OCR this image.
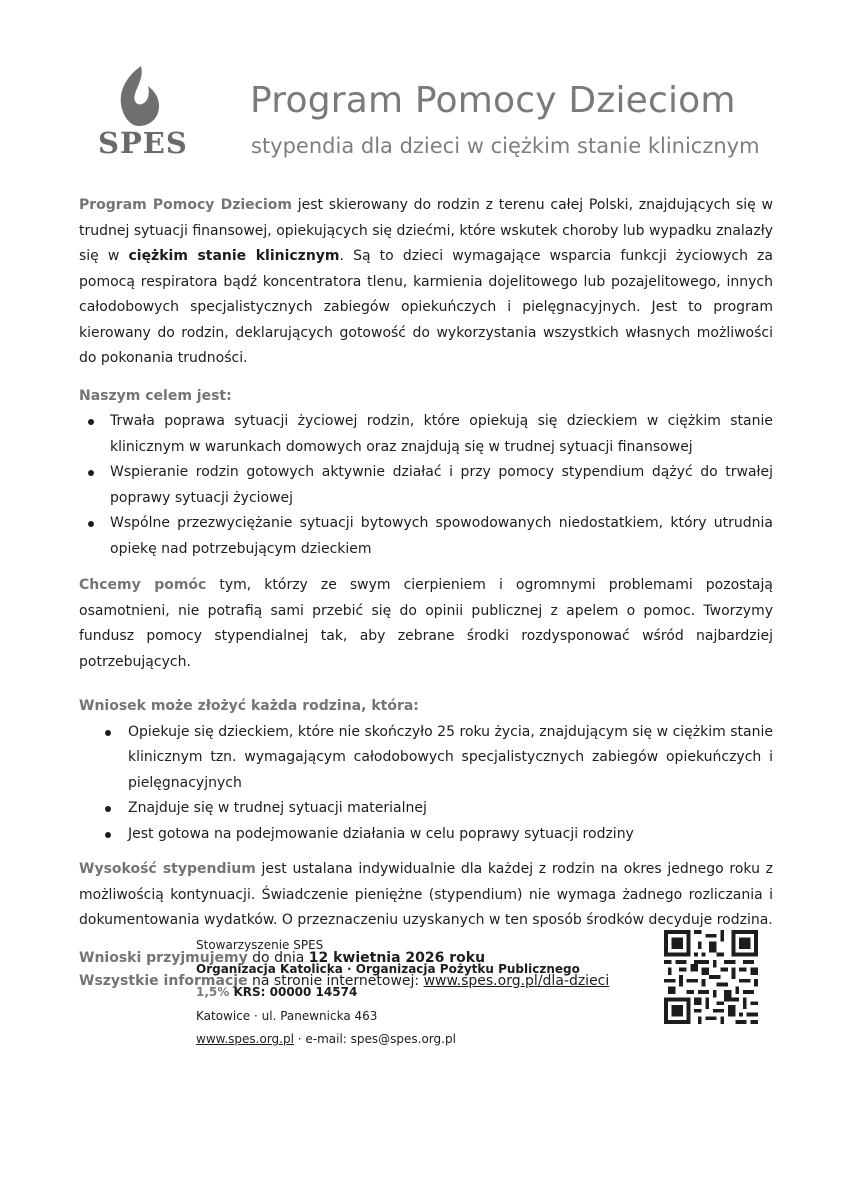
SPES
Program Pomocy Dzieciom
stypendia dla dzieci w ciężkim stanie klinicznym

Program Pomocy Dzieciom jest skierowany do rodzin z terenu całej Polski, znajdujących się w trudnej sytuacji finansowej, opiekujących się dziećmi, które wskutek choroby lub wypadku znalazły się w ciężkim stanie klinicznym. Są to dzieci wymagające wsparcia funkcji życiowych za pomocą respiratora bądź koncentratora tlenu, karmienia dojelitowego lub pozajelitowego, innych całodobowych specjalistycznych zabiegów opiekuńczych i pielęgnacyjnych. Jest to program kierowany do rodzin, deklarujących gotowość do wykorzystania wszystkich własnych możliwości do pokonania trudności.

Naszym celem jest:
Trwała poprawa sytuacji życiowej rodzin, które opiekują się dzieckiem w ciężkim stanie klinicznym w warunkach domowych oraz znajdują się w trudnej sytuacji finansowej
Wspieranie rodzin gotowych aktywnie działać i przy pomocy stypendium dążyć do trwałej poprawy sytuacji życiowej
Wspólne przezwyciężanie sytuacji bytowych spowodowanych niedostatkiem, który utrudnia opiekę nad potrzebującym dzieckiem

Chcemy pomóc tym, którzy ze swym cierpieniem i ogromnymi problemami pozostają osamotnieni, nie potrafią sami przebić się do opinii publicznej z apelem o pomoc. Tworzymy fundusz pomocy stypendialnej tak, aby zebrane środki rozdysponować wśród najbardziej potrzebujących.

Wniosek może złożyć każda rodzina, która:
Opiekuje się dzieckiem, które nie skończyło 25 roku życia, znajdującym się w ciężkim stanie klinicznym tzn. wymagającym całodobowych specjalistycznych zabiegów opiekuńczych i pielęgnacyjnych
Znajduje się w trudnej sytuacji materialnej
Jest gotowa na podejmowanie działania w celu poprawy sytuacji rodziny

Wysokość stypendium jest ustalana indywidualnie dla każdej z rodzin na okres jednego roku z możliwością kontynuacji. Świadczenie pieniężne (stypendium) nie wymaga żadnego rozliczania i dokumentowania wydatków. O przeznaczeniu uzyskanych w ten sposób środków decyduje rodzina.

Wnioski przyjmujemy do dnia 12 kwietnia 2026 roku

Wszystkie informacje na stronie internetowej: www.spes.org.pl/dla-dzieci

Stowarzyszenie SPES
Organizacja Katolicka · Organizacja Pożytku Publicznego
1,5% KRS: 00000 14574
Katowice · ul. Panewnicka 463
www.spes.org.pl · e-mail: spes@spes.org.pl
